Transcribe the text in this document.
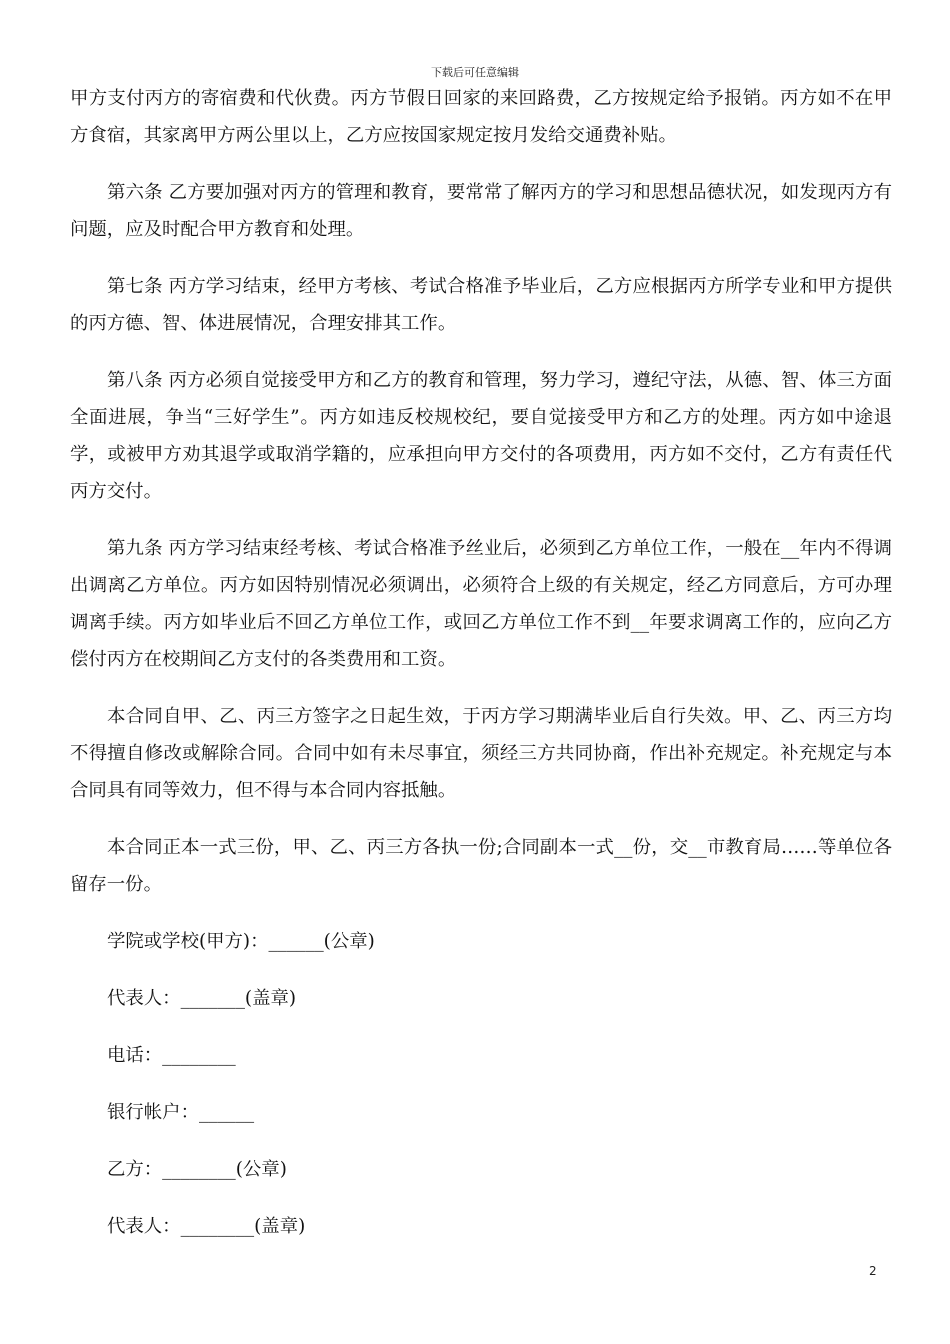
下载后可任意编辑

甲方支付丙方的寄宿费和代伙费。丙方节假日回家的来回路费，乙方按规定给予报销。丙方如不在甲方食宿，其家离甲方两公里以上，乙方应按国家规定按月发给交通费补贴。

第六条 乙方要加强对丙方的管理和教育，要常常了解丙方的学习和思想品德状况，如发现丙方有问题，应及时配合甲方教育和处理。

第七条 丙方学习结束，经甲方考核、考试合格准予毕业后，乙方应根据丙方所学专业和甲方提供的丙方德、智、体进展情况，合理安排其工作。

第八条 丙方必须自觉接受甲方和乙方的教育和管理，努力学习，遵纪守法，从德、智、体三方面全面进展，争当“三好学生”。丙方如违反校规校纪，要自觉接受甲方和乙方的处理。丙方如中途退学，或被甲方劝其退学或取消学籍的，应承担向甲方交付的各项费用，丙方如不交付，乙方有责任代丙方交付。

第九条 丙方学习结束经考核、考试合格准予丝业后，必须到乙方单位工作，一般在__年内不得调出调离乙方单位。丙方如因特别情况必须调出，必须符合上级的有关规定，经乙方同意后，方可办理调离手续。丙方如毕业后不回乙方单位工作，或回乙方单位工作不到__年要求调离工作的，应向乙方偿付丙方在校期间乙方支付的各类费用和工资。

本合同自甲、乙、丙三方签字之日起生效，于丙方学习期满毕业后自行失效。甲、乙、丙三方均不得擅自修改或解除合同。合同中如有未尽事宜，须经三方共同协商，作出补充规定。补充规定与本合同具有同等效力，但不得与本合同内容抵触。

本合同正本一式三份，甲、乙、丙三方各执一份;合同副本一式__份，交__市教育局……等单位各留存一份。

学院或学校(甲方)：______(公章)
代表人：_______(盖章)
电话：________
银行帐户：______
乙方：________(公章)
代表人：________(盖章)
2
